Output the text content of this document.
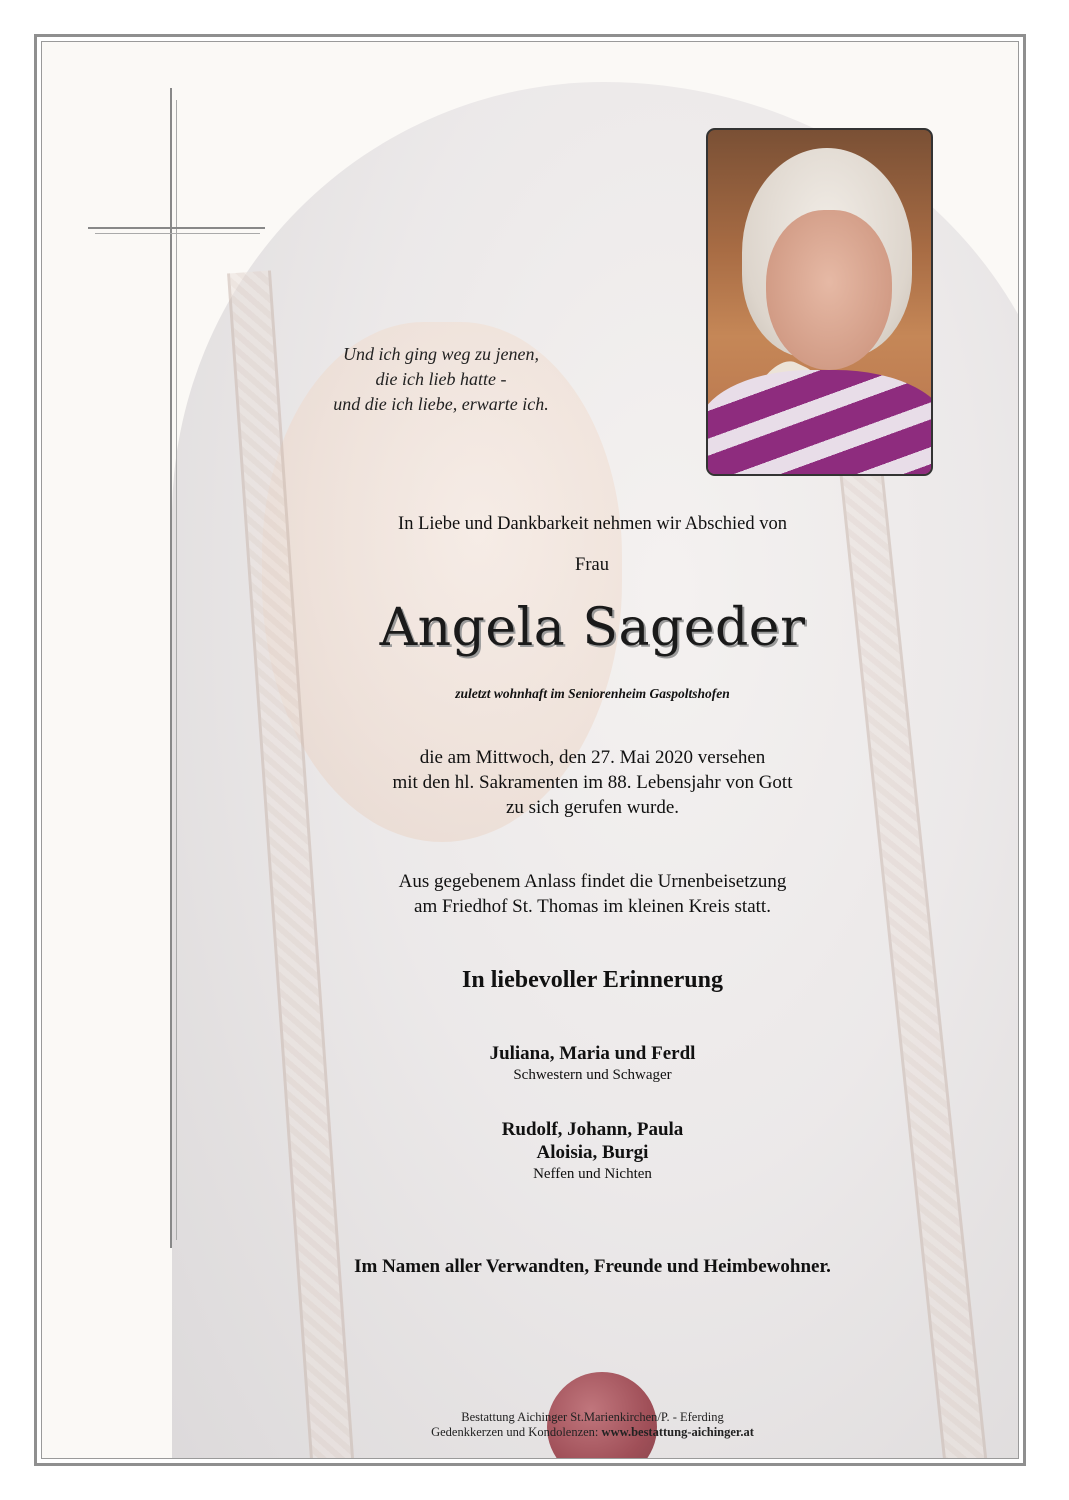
Und ich ging weg zu jenen,
die ich lieb hatte -
und die ich liebe, erwarte ich.
In Liebe und Dankbarkeit nehmen wir Abschied von
Frau
Angela Sageder
zuletzt wohnhaft im Seniorenheim Gaspoltshofen
die am Mittwoch, den 27. Mai 2020 versehen
mit den hl. Sakramenten im 88. Lebensjahr von Gott
zu sich gerufen wurde.
Aus gegebenem Anlass findet die Urnenbeisetzung
am Friedhof St. Thomas im kleinen Kreis statt.
In liebevoller Erinnerung
Juliana, Maria und Ferdl
Schwestern und Schwager
Rudolf, Johann, Paula
Aloisia, Burgi
Neffen und Nichten
Im Namen aller Verwandten, Freunde und Heimbewohner.
Bestattung Aichinger St.Marienkirchen/P. - Eferding
Gedenkkerzen und Kondolenzen: www.bestattung-aichinger.at
